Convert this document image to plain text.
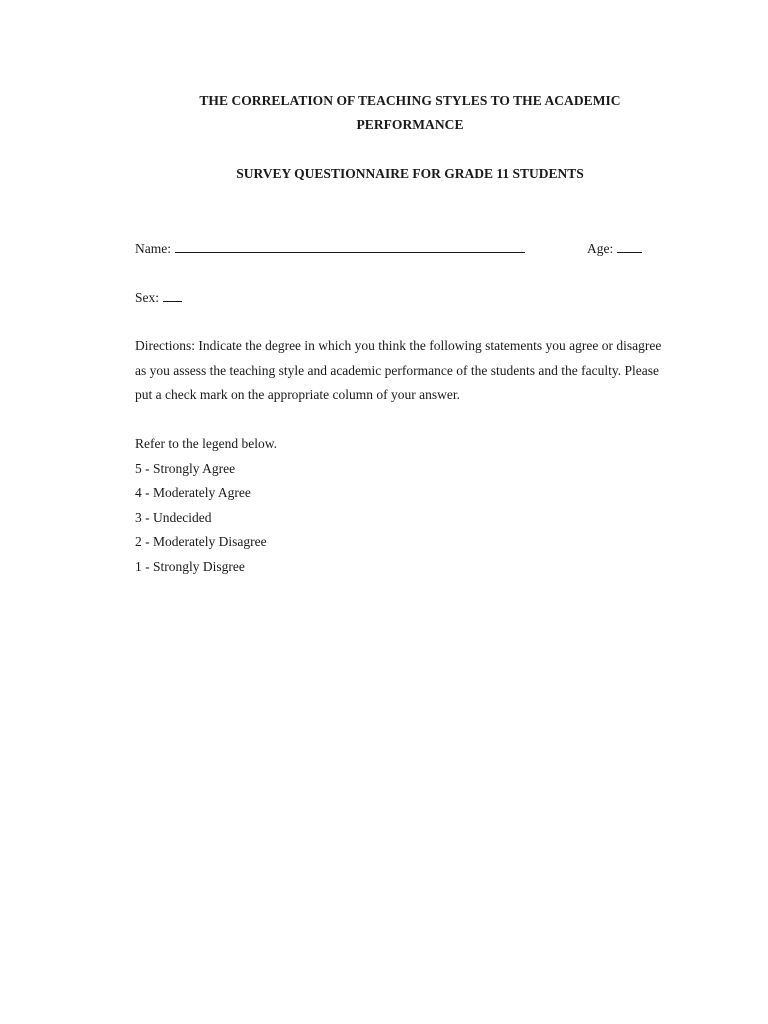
THE CORRELATION OF TEACHING STYLES TO THE ACADEMIC
PERFORMANCE
SURVEY QUESTIONNAIRE FOR GRADE 11 STUDENTS
Name:	Age:
Sex:
Directions: Indicate the degree in which you think the following statements you agree or disagree
as you assess the teaching style and academic performance of the students and the faculty. Please
put a check mark on the appropriate column of your answer.
Refer to the legend below.
5 - Strongly Agree
4 - Moderately Agree
3 - Undecided
2 - Moderately Disagree
1 - Strongly Disgree
